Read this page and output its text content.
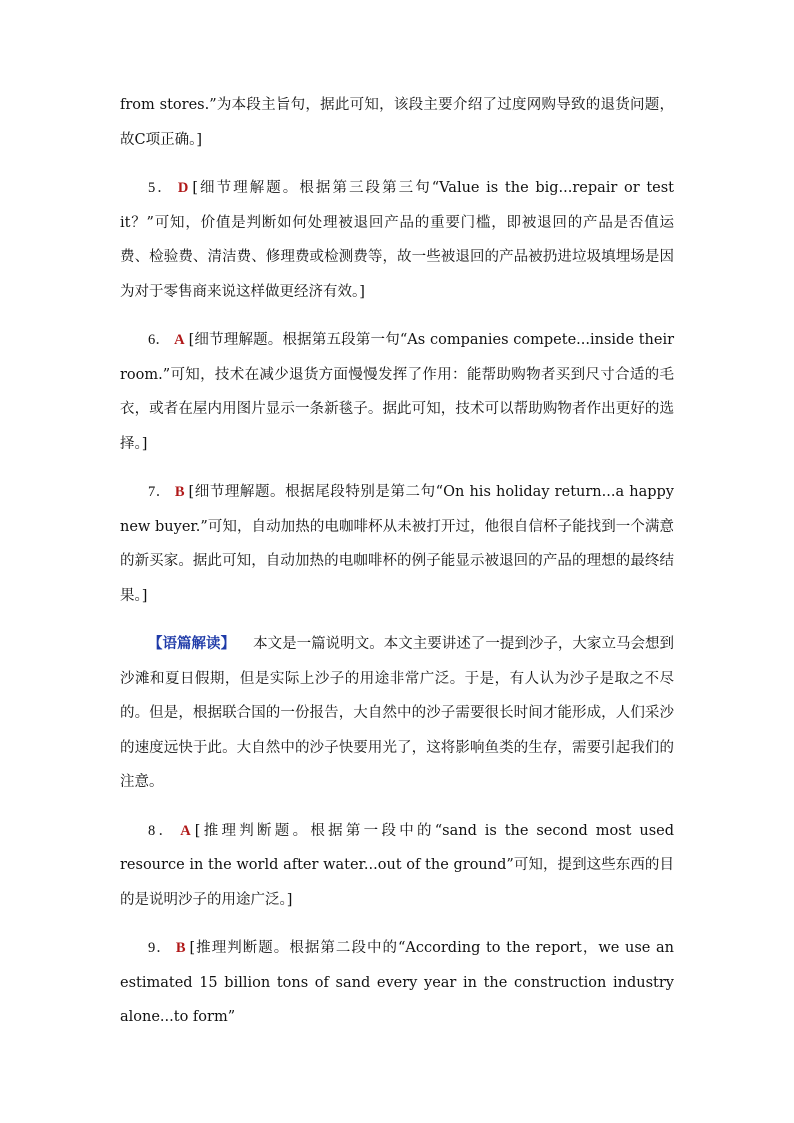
from stores.”为本段主旨句，据此可知，该段主要介绍了过度网购导致的退货问题，故C项正确。]

5． D [细节理解题。根据第三段第三句“Value is the big...repair or test it？”可知，价值是判断如何处理被退回产品的重要门槛，即被退回的产品是否值运费、检验费、清洁费、修理费或检测费等，故一些被退回的产品被扔进垃圾填埋场是因为对于零售商来说这样做更经济有效。]

6． A [细节理解题。根据第五段第一句“As companies compete...inside their room.”可知，技术在减少退货方面慢慢发挥了作用：能帮助购物者买到尺寸合适的毛衣，或者在屋内用图片显示一条新毯子。据此可知，技术可以帮助购物者作出更好的选择。]

7． B [细节理解题。根据尾段特别是第二句“On his holiday return...a happy new buyer.”可知，自动加热的电咖啡杯从未被打开过，他很自信杯子能找到一个满意的新买家。据此可知，自动加热的电咖啡杯的例子能显示被退回的产品的理想的最终结果。]

【语篇解读】 本文是一篇说明文。本文主要讲述了一提到沙子，大家立马会想到沙滩和夏日假期，但是实际上沙子的用途非常广泛。于是，有人认为沙子是取之不尽的。但是，根据联合国的一份报告，大自然中的沙子需要很长时间才能形成，人们采沙的速度远快于此。大自然中的沙子快要用光了，这将影响鱼类的生存，需要引起我们的注意。

8． A [推理判断题。根据第一段中的“sand is the second most used resource in the world after water...out of the ground”可知，提到这些东西的目的是说明沙子的用途广泛。]

9． B [推理判断题。根据第二段中的“According to the report，we use an estimated 15 billion tons of sand every year in the construction industry alone...to form”
